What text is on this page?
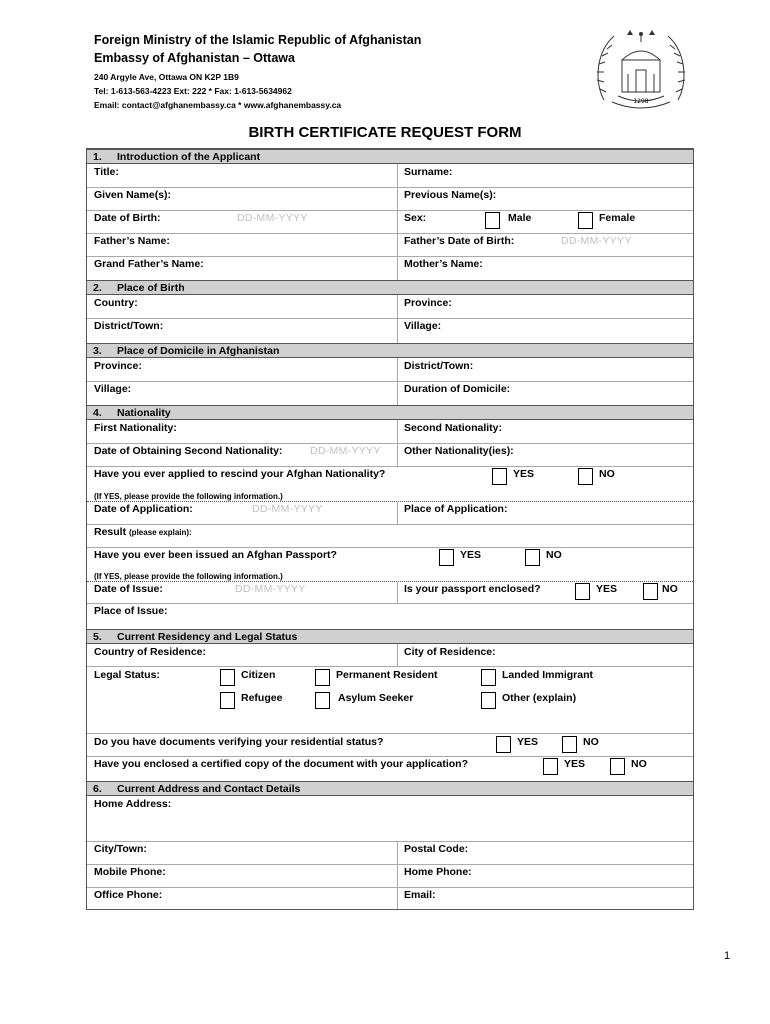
Foreign Ministry of the Islamic Republic of Afghanistan
Embassy of Afghanistan – Ottawa
240 Argyle Ave, Ottawa ON K2P 1B9
Tel: 1-613-563-4223 Ext: 222 * Fax: 1-613-5634962
Email: contact@afghanembassy.ca * www.afghanembassy.ca	1298
BIRTH CERTIFICATE REQUEST FORM
1. Introduction of the Applicant
Title:	Surname:
Given Name(s):	Previous Name(s):
Date of Birth:	DD-MM-YYYY	Sex:	Male	Female
Father’s Name:	Father’s Date of Birth:	DD-MM-YYYY
Grand Father’s Name:	Mother’s Name:
2. Place of Birth
Country:	Province:
District/Town:	Village:
3. Place of Domicile in Afghanistan
Province:	District/Town:
Village:	Duration of Domicile:
4. Nationality
First Nationality:	Second Nationality:
Date of Obtaining Second Nationality:	DD-MM-YYYY Other Nationality(ies):
Have you ever applied to rescind your Afghan Nationality?	YES	NO
(If YES, please provide the following information.)
Date of Application:	DD-MM-YYYY	Place of Application:
Result (please explain):
Have you ever been issued an Afghan Passport?	YES	NO
(If YES, please provide the following information.)
Date of Issue:	DD-MM-YYYY	Is your passport enclosed?	YES	NO
Place of Issue:
5. Current Residency and Legal Status
Country of Residence:	City of Residence:
Legal Status:	Citizen	Permanent Resident	Landed Immigrant
Refugee	Asylum Seeker	Other (explain)
Do you have documents verifying your residential status?	YES	NO
Have you enclosed a certified copy of the document with your application?	YES	NO
6. Current Address and Contact Details
Home Address:
City/Town:	Postal Code:
Mobile Phone:	Home Phone:
Office Phone:	Email:
1
